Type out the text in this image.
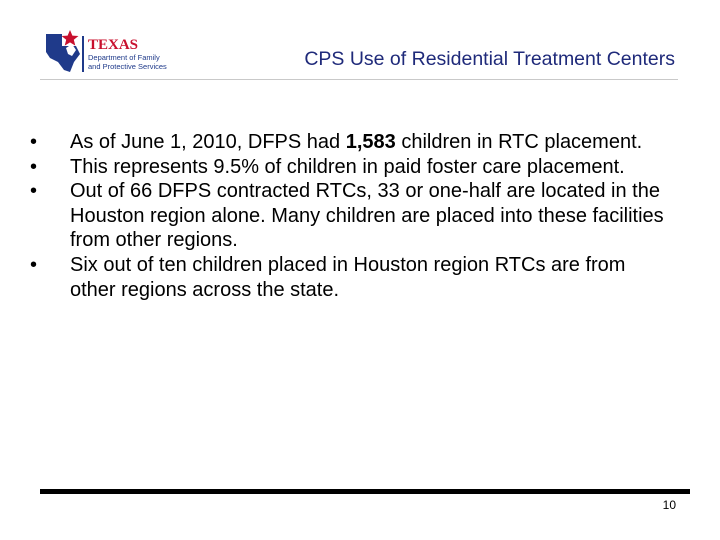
TEXAS
Department of Family
and Protective Services	CPS Use of Residential Treatment Centers
• As of June 1, 2010, DFPS had 1,583 children in RTC placement.
• This represents 9.5% of children in paid foster care placement.
• Out of 66 DFPS contracted RTCs, 33 or one-half are located in the Houston region alone. Many children are placed into these facilities from other regions.
• Six out of ten children placed in Houston region RTCs are from other regions across the state.
10
